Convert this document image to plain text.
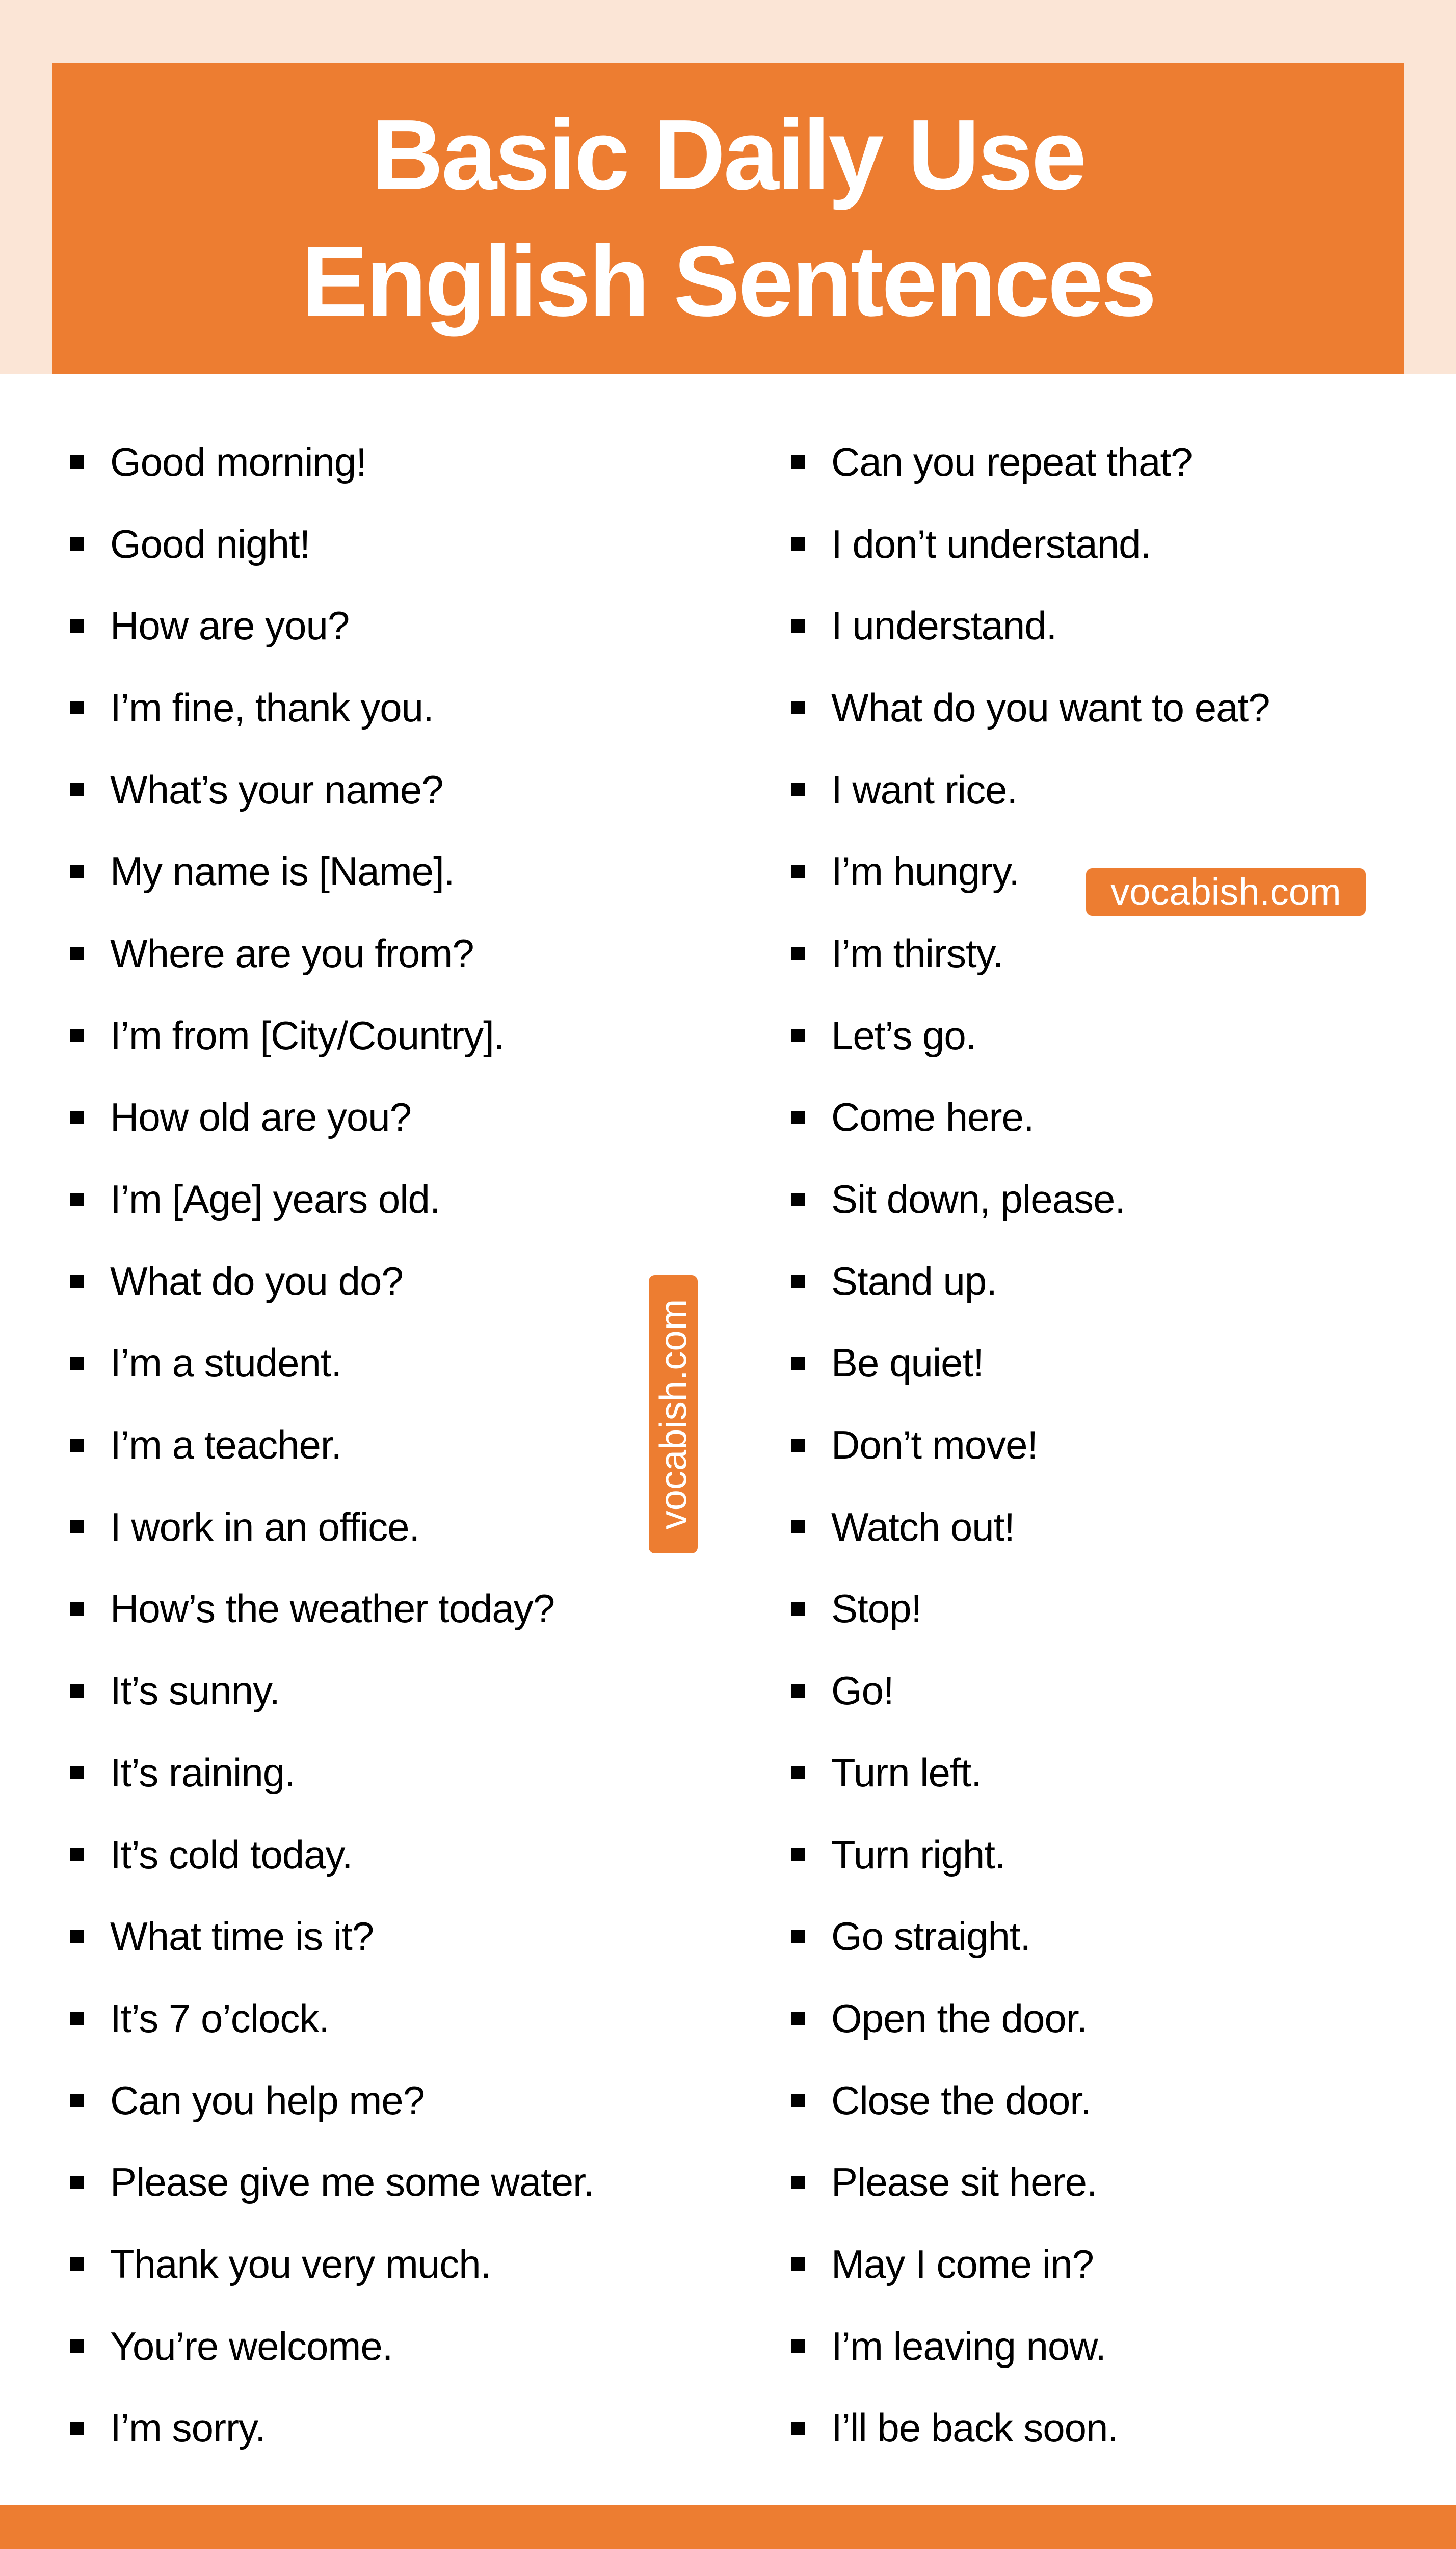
Basic Daily Use
English Sentences
Good morning!
Good night!
How are you?
I’m fine, thank you.
What’s your name?
My name is [Name].
Where are you from?
I’m from [City/Country].
How old are you?
I’m [Age] years old.
What do you do?
I’m a student.
I’m a teacher.
I work in an office.
How’s the weather today?
It’s sunny.
It’s raining.
It’s cold today.
What time is it?
It’s 7 o’clock.
Can you help me?
Please give me some water.
Thank you very much.
You’re welcome.
I’m sorry.
Can you repeat that?
I don’t understand.
I understand.
What do you want to eat?
I want rice.
I’m hungry.
I’m thirsty.
Let’s go.
Come here.
Sit down, please.
Stand up.
Be quiet!
Don’t move!
Watch out!
Stop!
Go!
Turn left.
Turn right.
Go straight.
Open the door.
Close the door.
Please sit here.
May I come in?
I’m leaving now.
I’ll be back soon.
vocabish.com
vocabish.com
